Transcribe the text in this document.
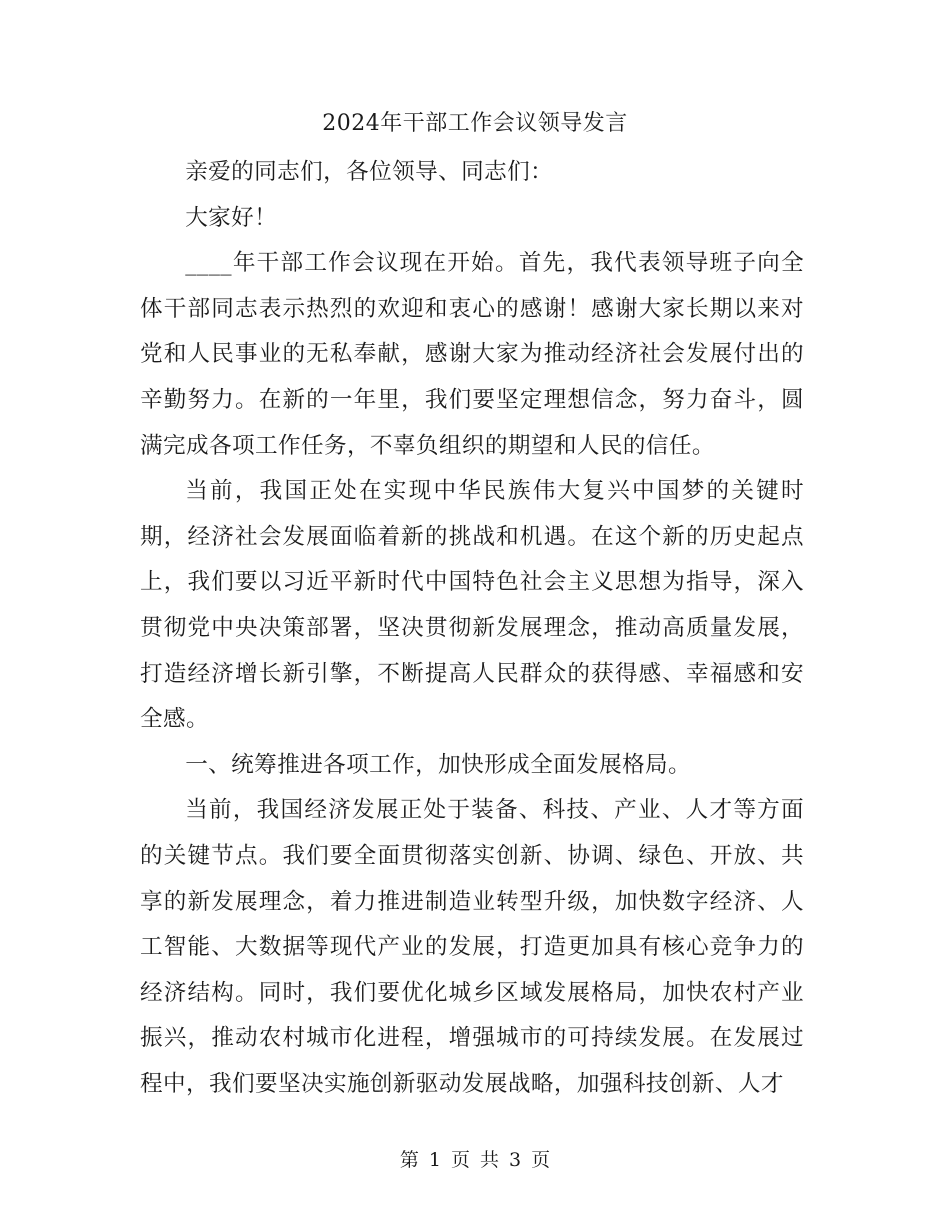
2024年干部工作会议领导发言

亲爱的同志们，各位领导、同志们：

大家好！

____年干部工作会议现在开始。首先，我代表领导班子向全体干部同志表示热烈的欢迎和衷心的感谢！感谢大家长期以来对党和人民事业的无私奉献，感谢大家为推动经济社会发展付出的辛勤努力。在新的一年里，我们要坚定理想信念，努力奋斗，圆满完成各项工作任务，不辜负组织的期望和人民的信任。

当前，我国正处在实现中华民族伟大复兴中国梦的关键时期，经济社会发展面临着新的挑战和机遇。在这个新的历史起点上，我们要以习近平新时代中国特色社会主义思想为指导，深入贯彻党中央决策部署，坚决贯彻新发展理念，推动高质量发展，打造经济增长新引擎，不断提高人民群众的获得感、幸福感和安全感。

一、统筹推进各项工作，加快形成全面发展格局。

当前，我国经济发展正处于装备、科技、产业、人才等方面的关键节点。我们要全面贯彻落实创新、协调、绿色、开放、共享的新发展理念，着力推进制造业转型升级，加快数字经济、人工智能、大数据等现代产业的发展，打造更加具有核心竞争力的经济结构。同时，我们要优化城乡区域发展格局，加快农村产业振兴，推动农村城市化进程，增强城市的可持续发展。在发展过程中，我们要坚决实施创新驱动发展战略，加强科技创新、人才

第 1 页 共 3 页
